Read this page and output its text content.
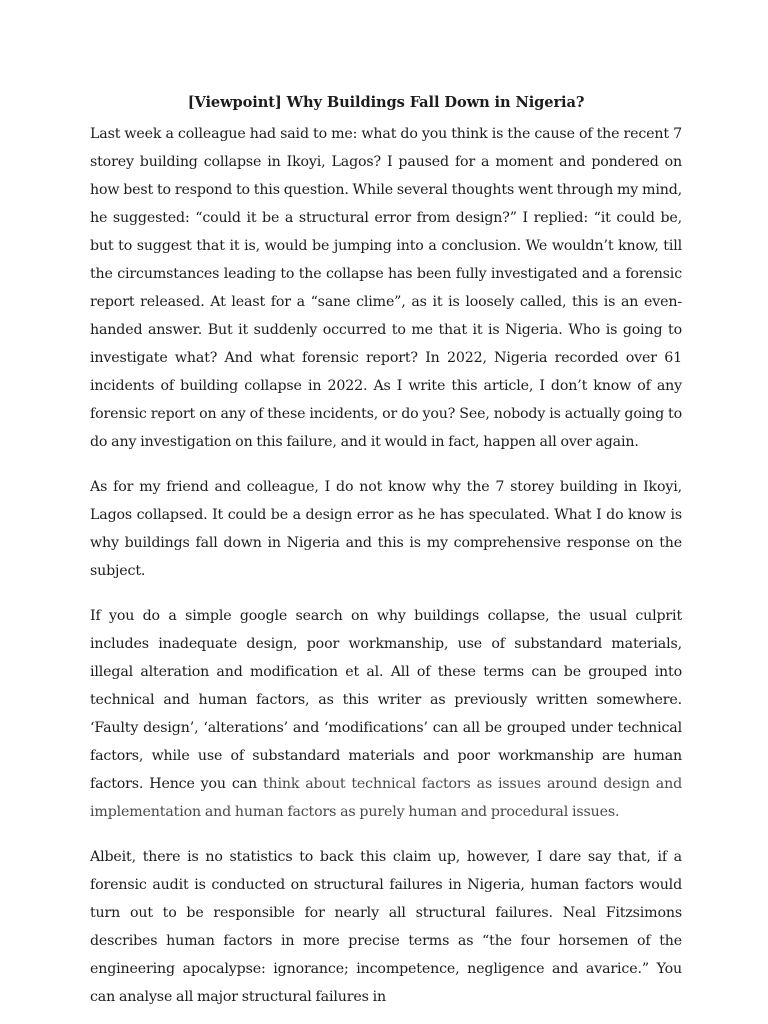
[Viewpoint] Why Buildings Fall Down in Nigeria?

Last week a colleague had said to me: what do you think is the cause of the recent 7 storey building collapse in Ikoyi, Lagos? I paused for a moment and pondered on how best to respond to this question. While several thoughts went through my mind, he suggested: “could it be a structural error from design?” I replied: “it could be, but to suggest that it is, would be jumping into a conclusion. We wouldn’t know, till the circumstances leading to the collapse has been fully investigated and a forensic report released. At least for a “sane clime”, as it is loosely called, this is an even-handed answer. But it suddenly occurred to me that it is Nigeria. Who is going to investigate what? And what forensic report? In 2022, Nigeria recorded over 61 incidents of building collapse in 2022. As I write this article, I don’t know of any forensic report on any of these incidents, or do you? See, nobody is actually going to do any investigation on this failure, and it would in fact, happen all over again.

As for my friend and colleague, I do not know why the 7 storey building in Ikoyi, Lagos collapsed. It could be a design error as he has speculated. What I do know is why buildings fall down in Nigeria and this is my comprehensive response on the subject.

If you do a simple google search on why buildings collapse, the usual culprit includes inadequate design, poor workmanship, use of substandard materials, illegal alteration and modification et al. All of these terms can be grouped into technical and human factors, as this writer as previously written somewhere. ‘Faulty design’, ‘alterations’ and ‘modifications’ can all be grouped under technical factors, while use of substandard materials and poor workmanship are human factors. Hence you can think about technical factors as issues around design and implementation and human factors as purely human and procedural issues.

Albeit, there is no statistics to back this claim up, however, I dare say that, if a forensic audit is conducted on structural failures in Nigeria, human factors would turn out to be responsible for nearly all structural failures. Neal Fitzsimons describes human factors in more precise terms as “the four horsemen of the engineering apocalypse: ignorance; incompetence, negligence and avarice.” You can analyse all major structural failures in
